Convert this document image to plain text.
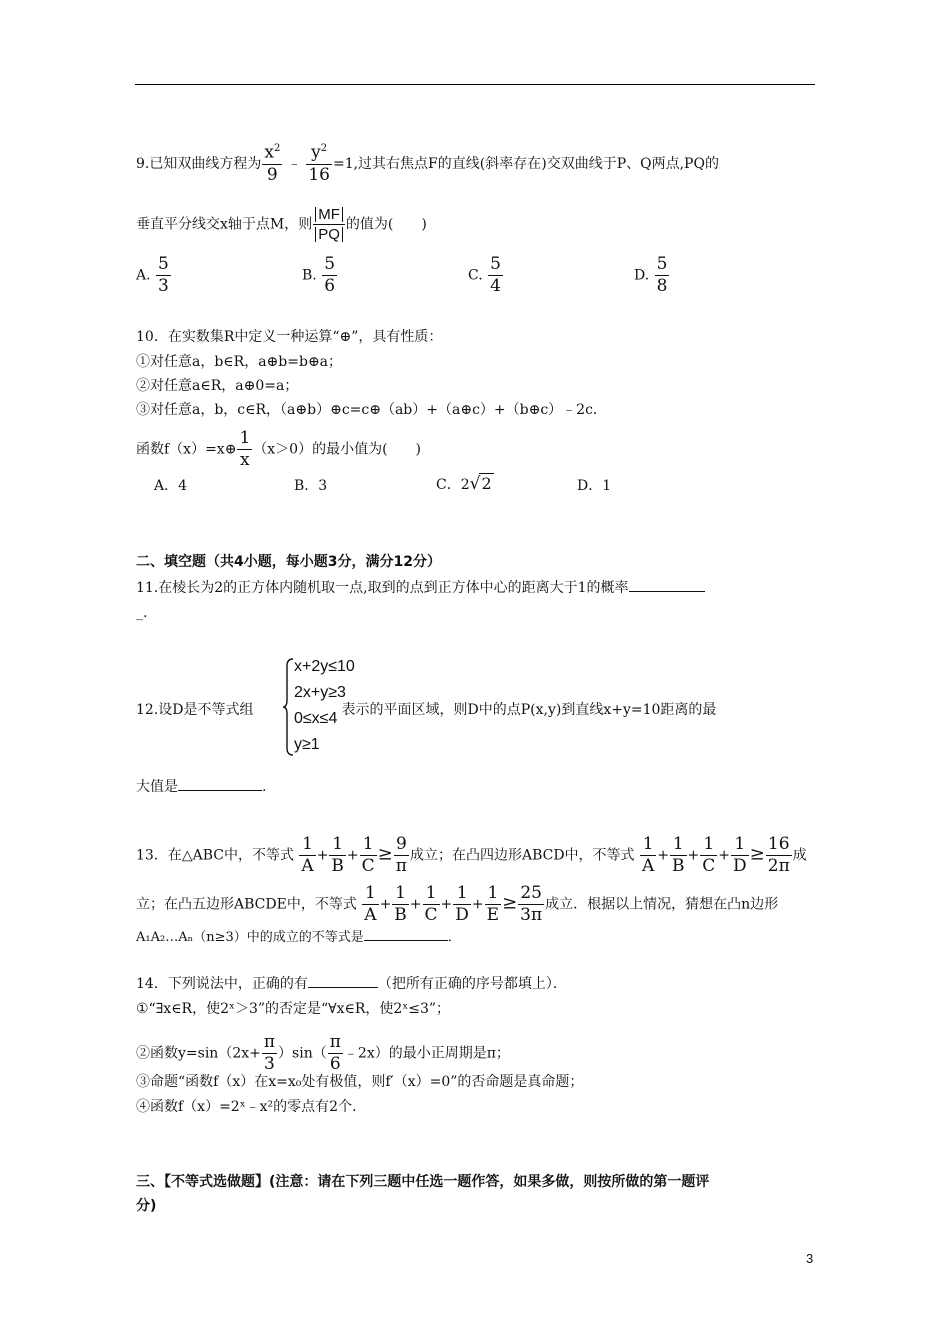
9.已知双曲线方程为 $\frac{x^2}{9}$ ﹣ $\frac{y^2}{16} =1$,过其右焦点F的直线(斜率存在)交双曲线于P、Q两点,PQ的
垂直平分线交x轴于点M，则 $\frac{MF}{PQ}$ 的值为(　　)
A. $\frac{5}{3}$	B. $\frac{5}{6}$	C. $\frac{5}{4}$	D. $\frac{5}{8}$
10．在实数集R中定义一种运算“⊕”，具有性质：
①对任意a，b∈R，a⊕b=b⊕a；
②对任意a∈R，a⊕0=a；
③对任意a，b，c∈R，（a⊕b）⊕c=c⊕（ab）+（a⊕c）+（b⊕c）﹣2c．
函数f（x）=x⊕ $\frac{1}{x} (x>0)$的最小值为(　　)
A．4	B．3	C．2√2	D．1
二、填空题（共4小题，每小题3分，满分12分）
11.在棱长为2的正方体内随机取一点,取到的点到正方体中心的距离大于1的概率
_.
12.设D是不等式组	表示的平面区域，则D中的点P(x,y)到直线x+y=10距离的最
x+2y≤10
2x+y≥3
0≤x≤4
y≥1
大值是	.
13．在△ABC中，不等式 $\frac{1}{A} + \frac{1}{B} + \frac{1}{C} \ge \frac{9}{\pi}$ 成立；在凸四边形ABCD中，不等式 $\frac{1}{A} + \frac{1}{B} + \frac{1}{C} + \frac{1}{D} \ge \frac{16}{2\pi}$ 成
立；在凸五边形ABCDE中，不等式 $\frac{1}{A} + \frac{1}{B} + \frac{1}{C} + \frac{1}{D} + \frac{1}{E} \ge \frac{25}{3\pi}$ 成立．根据以上情况，猜想在凸n边形
A₁A₂…Aₙ（n≥3）中的成立的不等式是	．
14．下列说法中，正确的有	（把所有正确的序号都填上）．
①“∃x∈R，使2ˣ＞3”的否定是“∀x∈R，使2ˣ≤3”；
②函数$y=\sin(2x+ \frac{\pi}{3} )\sin( \frac{\pi}{6}$ ﹣2x）的最小正周期是π；
③命题“函数f（x）在x=x₀处有极值，则f′（x）=0”的否命题是真命题；
④函数f（x）=2ˣ﹣x²的零点有2个．
三、【不等式选做题】(注意：请在下列三题中任选一题作答，如果多做，则按所做的第一题评
分)
3
